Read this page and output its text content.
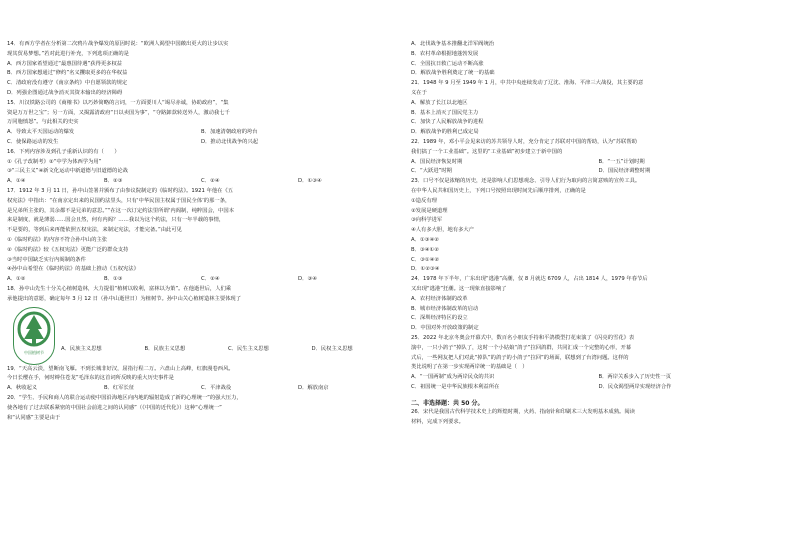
14．有西方学者在分析第二次鸦片战争爆发的原因时说：“欧洲人渴望中国敞出更大的让步以实

现其贸易梦想。”若对此进行补充，下列选项正确的是

A．西方国家希望通过“最惠国待遇”获得更多权益

B．西方国家想通过“修约”名义攫取更多的在华权益

C．清政府没有遵守《南京条约》中自愿领款的规定

D．列强企图通过战争消灭其资本输出的经济障碍

15．川汉铁路公司的《商榷书》以巧妙简略的言词，一方面要川人“竭尽赤诚，协助政府”，“集

资是万万世之宝”；另一方面，又揭露清政府“日以卖国为事”，“夺路卸款转送外人，激动我七千

万同胞愤怒”。与此相关的史实

A．导致太平天国运动的爆发	B．加速清朝政府的垮台
C．使保路运动的发生	D．推动北伐战争的兴起

16．下列内容涉及到孔子重新认识的有（　　）

①《孔子改制考》②“中学为体西学为用”

③“三民主义”④新文化运动中新道德与旧道德的论战

A．①④	B．②③	C．②④	D．①③④

17．1912 年 3 月 11 日，孙中山签署并颁布了由参议院制定的《临时约法》。1921 年他在《五

权宪法》中指出：“在南京定出来的民国约法里头，只有‘中华民国主权属于国民全体’的那一条，

是兄弟所主张的，其余都不是兄弟的意思。”“在这一次订定约法里所谓‘内阁制，纯粹国会，中国本

来是制度，就是薄弱……国会且然，何有内阁？……我以为这个约法，只有一年半载的事情，

不是要的，等到后来再能依照五权宪法，来制定宪法，才能完备。”由此可见

①《临时约法》的内容不符合孙中山的主张

②《临时约法》较《五权宪法》更能广泛的群众支持

③当时中国缺乏实行内阁制的条件

④孙中山希望在《临时约法》的基础上推动《五权宪法》

A．①②	B．①③	C．②④	D．③④

18．孙中山先生十分关心植树造林，大力提倡“植树以收利，富林以为策”。在他逝世后，人们乘

承他提出的意愿，确定每年 3 月 12 日（孙中山逝世日）为植树节。孙中山关心植树造林主要体现了

中国植树节
A．民族主义思想	B．民族主义思想	C．民生主义思想	D．民权主义思想

19．“天高云淡，望断南飞雁。不到长城非好汉，屈指行程二万。六盘山上高峰，红旗漫卷西风。

今日长缨在手，何时缚住苍龙”毛泽东的这首词所反映的重大历史事件是

A．秋收起义	B．红军长征	C．平津战役	D．解放南京

20．“学生、手民和商人的联合运动使中国沿海地区向内地的辐射造成了新的心理统一”的强大压力，

使各地有了过去联系紧密的中国社会前进之间的认同感”（《中国的近代化》）这种“心理统一”

和“认同感”主要是由于

A．北伐战争基本推翻北洋军阀统治

B．农村革命根据地蓬勃发展

C．全国抗日救亡运动不断高涨

D．解放战争胜利奠定了统一的基础

21．1948 年 9 月至 1949 年 1 月，中共中央连续发动了辽沈、淮海、平津三大战役，其主要的意

义在于

A．解放了长江以北地区

B．基本上消灭了国民党主力

C．加快了人民解放战争的进程

D．解放战争的胜利已成定局

22．1989 年，邓小平会见来访的苏共领导人时，充分肯定了苏联对中国的帮助，认为“苏联帮助

我们搞了一个工业基础”。这里的“工业基础”初步建立于新中国的

A．国民经济恢复时期	B．“一五”计划时期
C．“大跃进”时期	D．国民经济调整时期

23．口号不仅是浓缩的历史，还是影响人们思想观念、引导人们行为取向的言简意赅的宣传工具。

在中华人民共和国历史上，下列口号按照出现时间先后顺序排列，正确的是

①造反有理

②发展是硬道理

③向科学进军

④人有多大胆，地有多大产

A．①③④②

B．③④①②

C．③①④②

D．①②③④

24．1978 年下半年，广东出现“逃港”高潮，仅 8 月就达 6709 人，占出 1814 人，1979 年春节后

又出现“逃港”狂潮。这一现象直接影响了

A．农村经济体制的改革

B．城市经济体制改革的启动

C．深圳经济特区的设立

D．中国对外开放政策的制定

25．2022 年北京冬奥会开幕式中，数百名小朋友手持和平鸽模型打花束演了《闪亮的雪花》表

演中，一只小鸽子“掉队了，这时一个小姑娘“鸽子”拉回鸽群，共同汇成一个完整的心形，开幕

式后，一些网友把人们对此“掉队”的鸽子的小鸽子“拉回”的场面，联想到了台湾问题。这样的

类比说明了在第一步实现两岸统一的基础是（　）

A．“一国两制”成为两岸民众的共识	B．两岸关系步入了历史性一页
C．祖国统一是中华民族根本利益所在	D．民众渴望两岸实现经济合作

二、非选择题：共 50 分。

26．宋代是我国古代科学技术史上的辉煌时期，火药、指南针和印刷术三大发明基本成熟。阅读

材料，完成下列要求。
